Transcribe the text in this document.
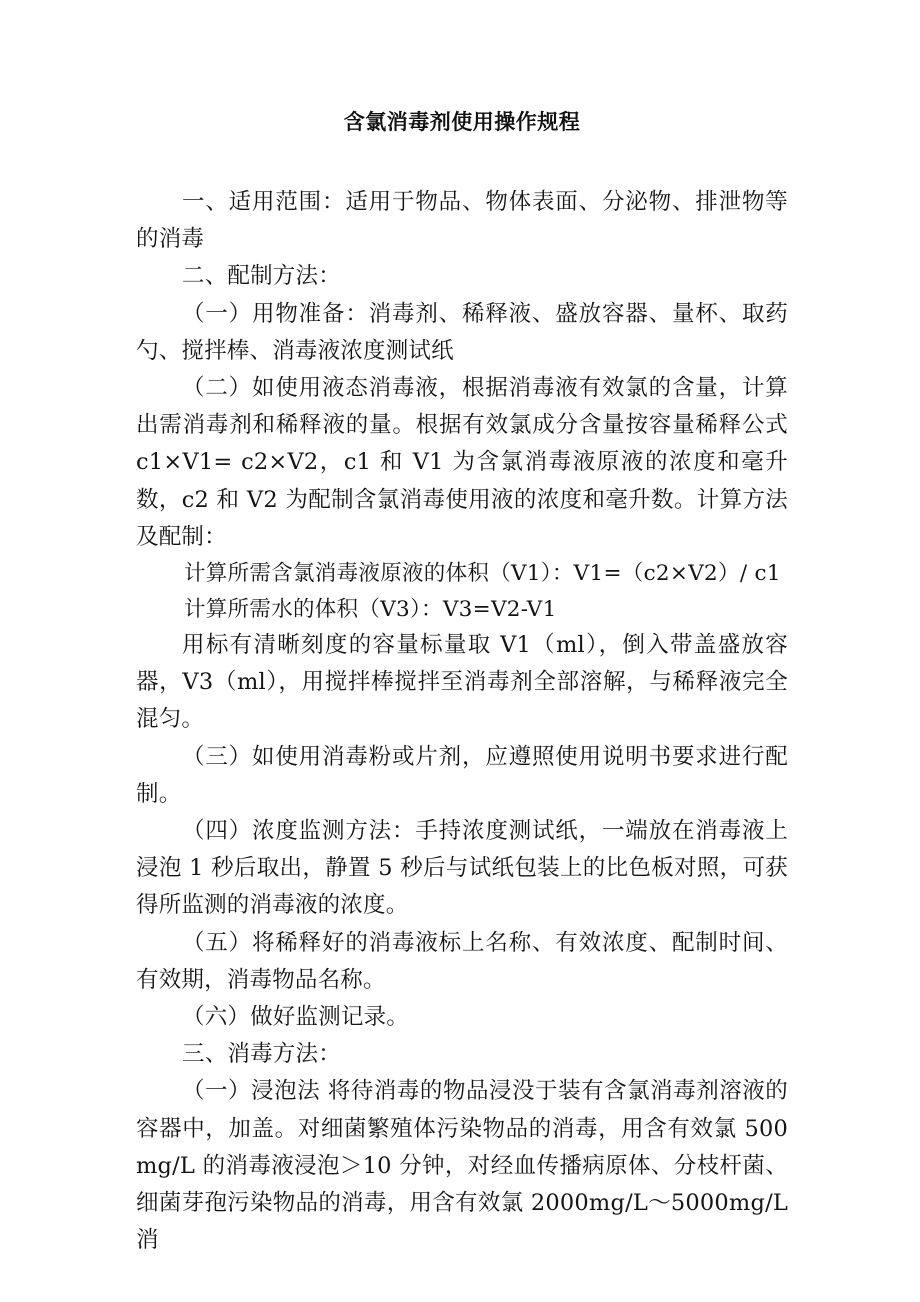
含氯消毒剂使用操作规程

一、适用范围：适用于物品、物体表面、分泌物、排泄物等的消毒

二、配制方法：

（一）用物准备：消毒剂、稀释液、盛放容器、量杯、取药勺、搅拌棒、消毒液浓度测试纸

（二）如使用液态消毒液，根据消毒液有效氯的含量，计算出需消毒剂和稀释液的量。根据有效氯成分含量按容量稀释公式 c1×V1= c2×V2，c1 和 V1 为含氯消毒液原液的浓度和毫升数，c2 和 V2 为配制含氯消毒使用液的浓度和毫升数。计算方法及配制：

计算所需含氯消毒液原液的体积（V1）：V1=（c2×V2）/ c1

计算所需水的体积（V3）：V3=V2-V1

用标有清晰刻度的容量标量取 V1（ml），倒入带盖盛放容器，V3（ml），用搅拌棒搅拌至消毒剂全部溶解，与稀释液完全混匀。

（三）如使用消毒粉或片剂，应遵照使用说明书要求进行配制。

（四）浓度监测方法：手持浓度测试纸，一端放在消毒液上浸泡 1 秒后取出，静置 5 秒后与试纸包装上的比色板对照，可获得所监测的消毒液的浓度。

（五）将稀释好的消毒液标上名称、有效浓度、配制时间、有效期，消毒物品名称。

（六）做好监测记录。

三、消毒方法：

（一）浸泡法 将待消毒的物品浸没于装有含氯消毒剂溶液的容器中，加盖。对细菌繁殖体污染物品的消毒，用含有效氯 500mg/L 的消毒液浸泡＞10 分钟，对经血传播病原体、分枝杆菌、细菌芽孢污染物品的消毒，用含有效氯 2000mg/L～5000mg/L 消
